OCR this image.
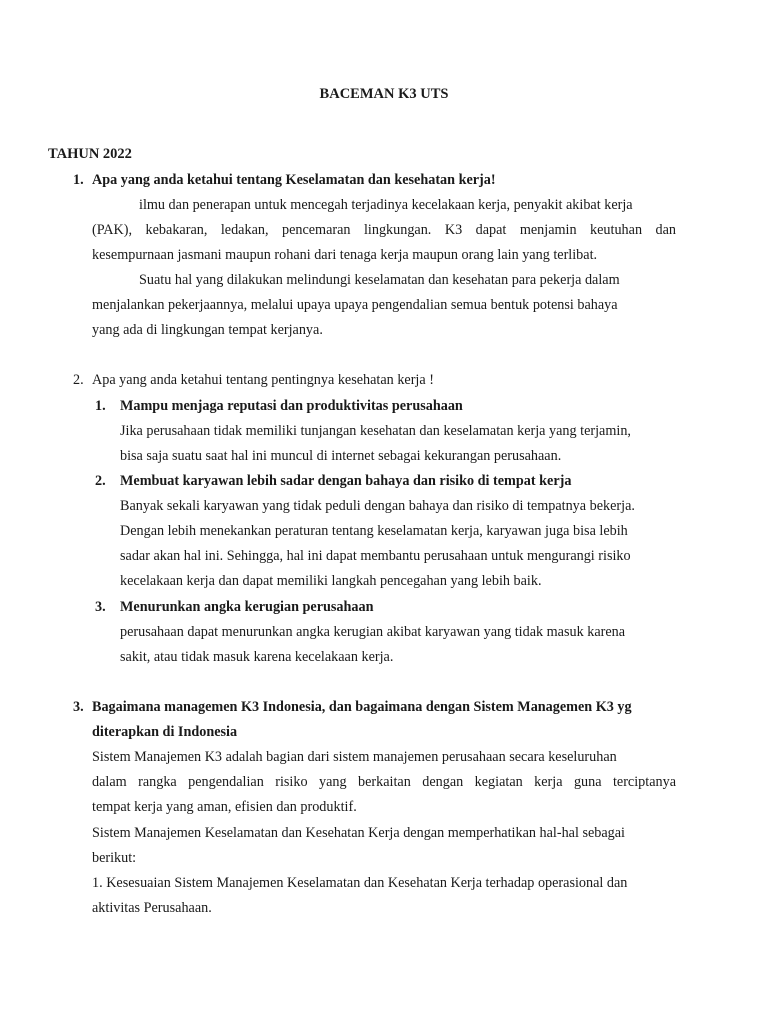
BACEMAN K3 UTS
TAHUN 2022
1. Apa yang anda ketahui tentang Keselamatan dan kesehatan kerja!
ilmu dan penerapan untuk mencegah terjadinya kecelakaan kerja, penyakit akibat kerja
(PAK), kebakaran, ledakan, pencemaran lingkungan. K3 dapat menjamin keutuhan dan
kesempurnaan jasmani maupun rohani dari tenaga kerja maupun orang lain yang terlibat.
Suatu hal yang dilakukan melindungi keselamatan dan kesehatan para pekerja dalam
menjalankan pekerjaannya, melalui upaya upaya pengendalian semua bentuk potensi bahaya
yang ada di lingkungan tempat kerjanya.
2. Apa yang anda ketahui tentang pentingnya kesehatan kerja !
1. Mampu menjaga reputasi dan produktivitas perusahaan
Jika perusahaan tidak memiliki tunjangan kesehatan dan keselamatan kerja yang terjamin,
bisa saja suatu saat hal ini muncul di internet sebagai kekurangan perusahaan.
2. Membuat karyawan lebih sadar dengan bahaya dan risiko di tempat kerja
Banyak sekali karyawan yang tidak peduli dengan bahaya dan risiko di tempatnya bekerja.
Dengan lebih menekankan peraturan tentang keselamatan kerja, karyawan juga bisa lebih
sadar akan hal ini. Sehingga, hal ini dapat membantu perusahaan untuk mengurangi risiko
kecelakaan kerja dan dapat memiliki langkah pencegahan yang lebih baik.
3. Menurunkan angka kerugian perusahaan
perusahaan dapat menurunkan angka kerugian akibat karyawan yang tidak masuk karena
sakit, atau tidak masuk karena kecelakaan kerja.
3. Bagaimana managemen K3 Indonesia, dan bagaimana dengan Sistem Managemen K3 yg
diterapkan di Indonesia
Sistem Manajemen K3 adalah bagian dari sistem manajemen perusahaan secara keseluruhan
dalam rangka pengendalian risiko yang berkaitan dengan kegiatan kerja guna terciptanya
tempat kerja yang aman, efisien dan produktif.
Sistem Manajemen Keselamatan dan Kesehatan Kerja dengan memperhatikan hal-hal sebagai
berikut:
1. Kesesuaian Sistem Manajemen Keselamatan dan Kesehatan Kerja terhadap operasional dan
aktivitas Perusahaan.
